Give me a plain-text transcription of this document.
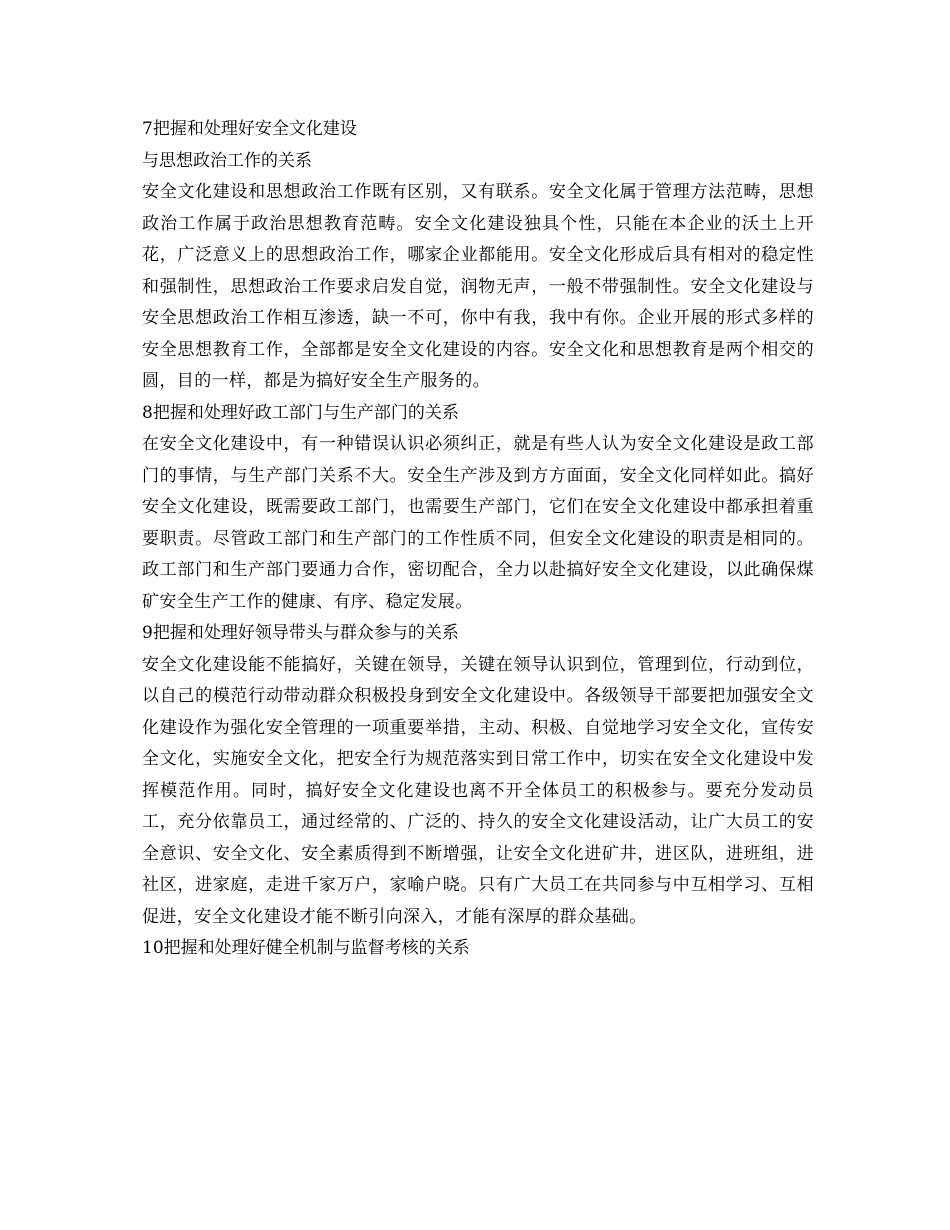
7把握和处理好安全文化建设

与思想政治工作的关系

安全文化建设和思想政治工作既有区别，又有联系。安全文化属于管理方法范畴，思想政治工作属于政治思想教育范畴。安全文化建设独具个性，只能在本企业的沃土上开花，广泛意义上的思想政治工作，哪家企业都能用。安全文化形成后具有相对的稳定性和强制性，思想政治工作要求启发自觉，润物无声，一般不带强制性。安全文化建设与安全思想政治工作相互渗透，缺一不可，你中有我，我中有你。企业开展的形式多样的安全思想教育工作，全部都是安全文化建设的内容。安全文化和思想教育是两个相交的圆，目的一样，都是为搞好安全生产服务的。

8把握和处理好政工部门与生产部门的关系

在安全文化建设中，有一种错误认识必须纠正，就是有些人认为安全文化建设是政工部门的事情，与生产部门关系不大。安全生产涉及到方方面面，安全文化同样如此。搞好安全文化建设，既需要政工部门，也需要生产部门，它们在安全文化建设中都承担着重要职责。尽管政工部门和生产部门的工作性质不同，但安全文化建设的职责是相同的。政工部门和生产部门要通力合作，密切配合，全力以赴搞好安全文化建设，以此确保煤矿安全生产工作的健康、有序、稳定发展。

9把握和处理好领导带头与群众参与的关系

安全文化建设能不能搞好，关键在领导，关键在领导认识到位，管理到位，行动到位，以自己的模范行动带动群众积极投身到安全文化建设中。各级领导干部要把加强安全文化建设作为强化安全管理的一项重要举措，主动、积极、自觉地学习安全文化，宣传安全文化，实施安全文化，把安全行为规范落实到日常工作中，切实在安全文化建设中发挥模范作用。同时，搞好安全文化建设也离不开全体员工的积极参与。要充分发动员工，充分依靠员工，通过经常的、广泛的、持久的安全文化建设活动，让广大员工的安全意识、安全文化、安全素质得到不断增强，让安全文化进矿井，进区队，进班组，进社区，进家庭，走进千家万户，家喻户晓。只有广大员工在共同参与中互相学习、互相促进，安全文化建设才能不断引向深入，才能有深厚的群众基础。

10把握和处理好健全机制与监督考核的关系
